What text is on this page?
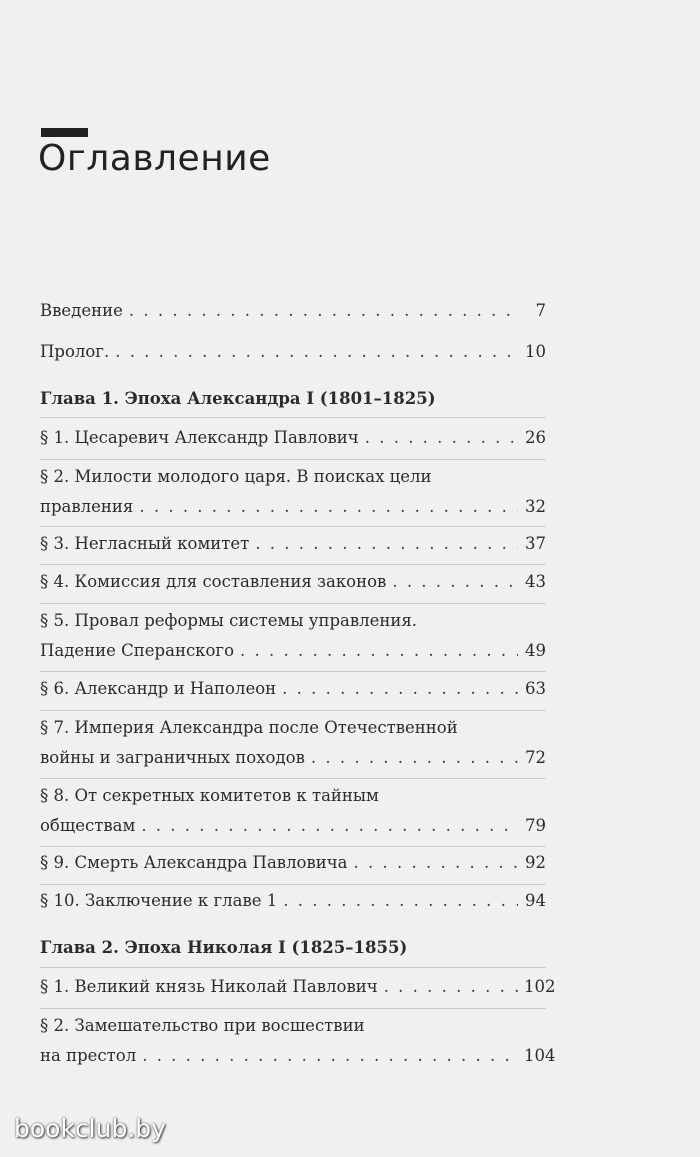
Оглавление
Введение . . .	7
Пролог. . . .	10
Глава 1. Эпоха Александра I (1801–1825)
§ 1. Цесаревич Александр Павлович . . .	26
§ 2. Милости молодого царя. В поисках цели
правления . . .	32
§ 3. Негласный комитет . . .	37
§ 4. Комиссия для составления законов . . .	43
§ 5. Провал реформы системы управления.
Падение Сперанского . . .	49
§ 6. Александр и Наполеон . . .	63
§ 7. Империя Александра после Отечественной
войны и заграничных походов . . .	72
§ 8. От секретных комитетов к тайным
обществам . . .	79
§ 9. Смерть Александра Павловича . . .	92
§ 10. Заключение к главе 1 . . .	94
Глава 2. Эпоха Николая I (1825–1855)
§ 1. Великий князь Николай Павлович . . .	102
§ 2. Замешательство при восшествии
на престол . . .	104
bookclub.by
